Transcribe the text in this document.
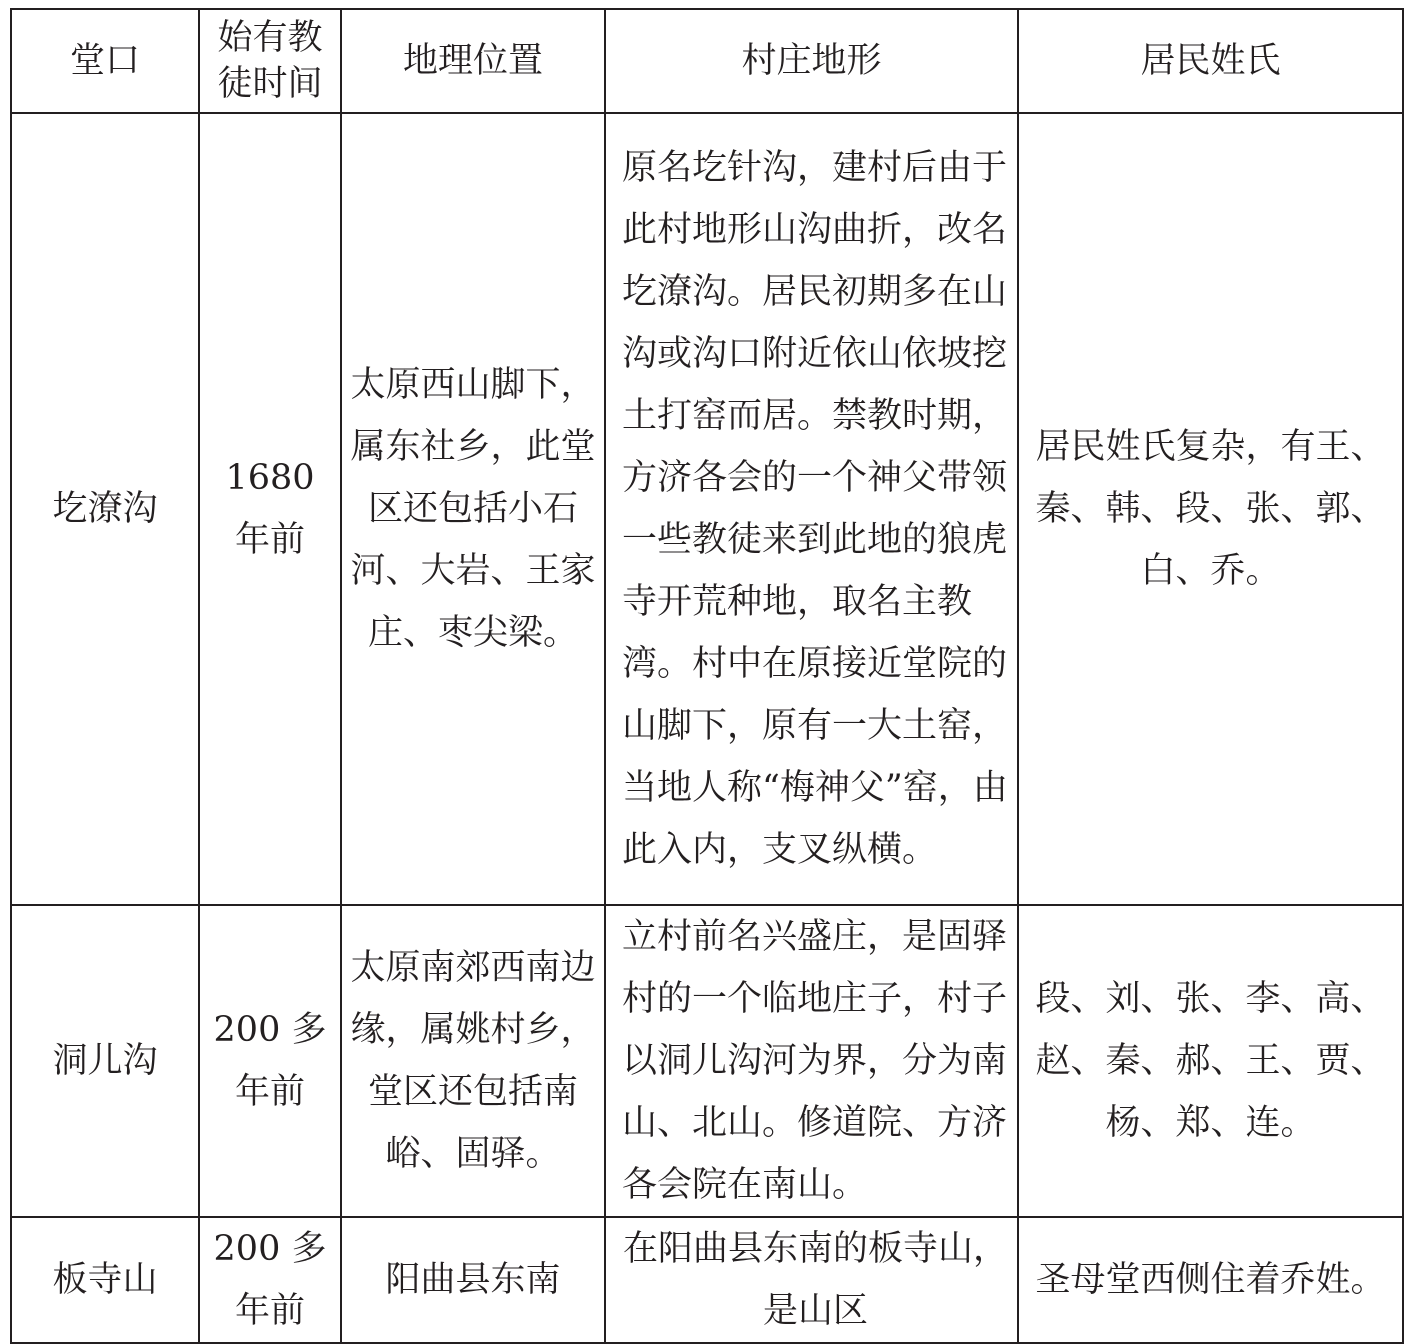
堂口	始有教徒时间	地理位置	村庄地形	居民姓氏
圪潦沟	1680 年前	太原西山脚下，属东社乡，此堂区还包括小石河、大岩、王家庄、枣尖梁。	原名圪针沟，建村后由于此村地形山沟曲折，改名圪潦沟。居民初期多在山沟或沟口附近依山依坡挖土打窑而居。禁教时期，方济各会的一个神父带领一些教徒来到此地的狼虎寺开荒种地，取名主教湾。村中在原接近堂院的山脚下，原有一大土窑，当地人称“梅神父”窑，由此入内，支叉纵横。	居民姓氏复杂，有王、秦、韩、段、张、郭、白、乔。
洞儿沟	200 多年前	太原南郊西南边缘，属姚村乡，堂区还包括南峪、固驿。	立村前名兴盛庄，是固驿村的一个临地庄子，村子以洞儿沟河为界，分为南山、北山。修道院、方济各会院在南山。	段、刘、张、李、高、赵、秦、郝、王、贾、杨、郑、连。
板寺山	200 多年前	阳曲县东南	在阳曲县东南的板寺山，是山区	圣母堂西侧住着乔姓。
